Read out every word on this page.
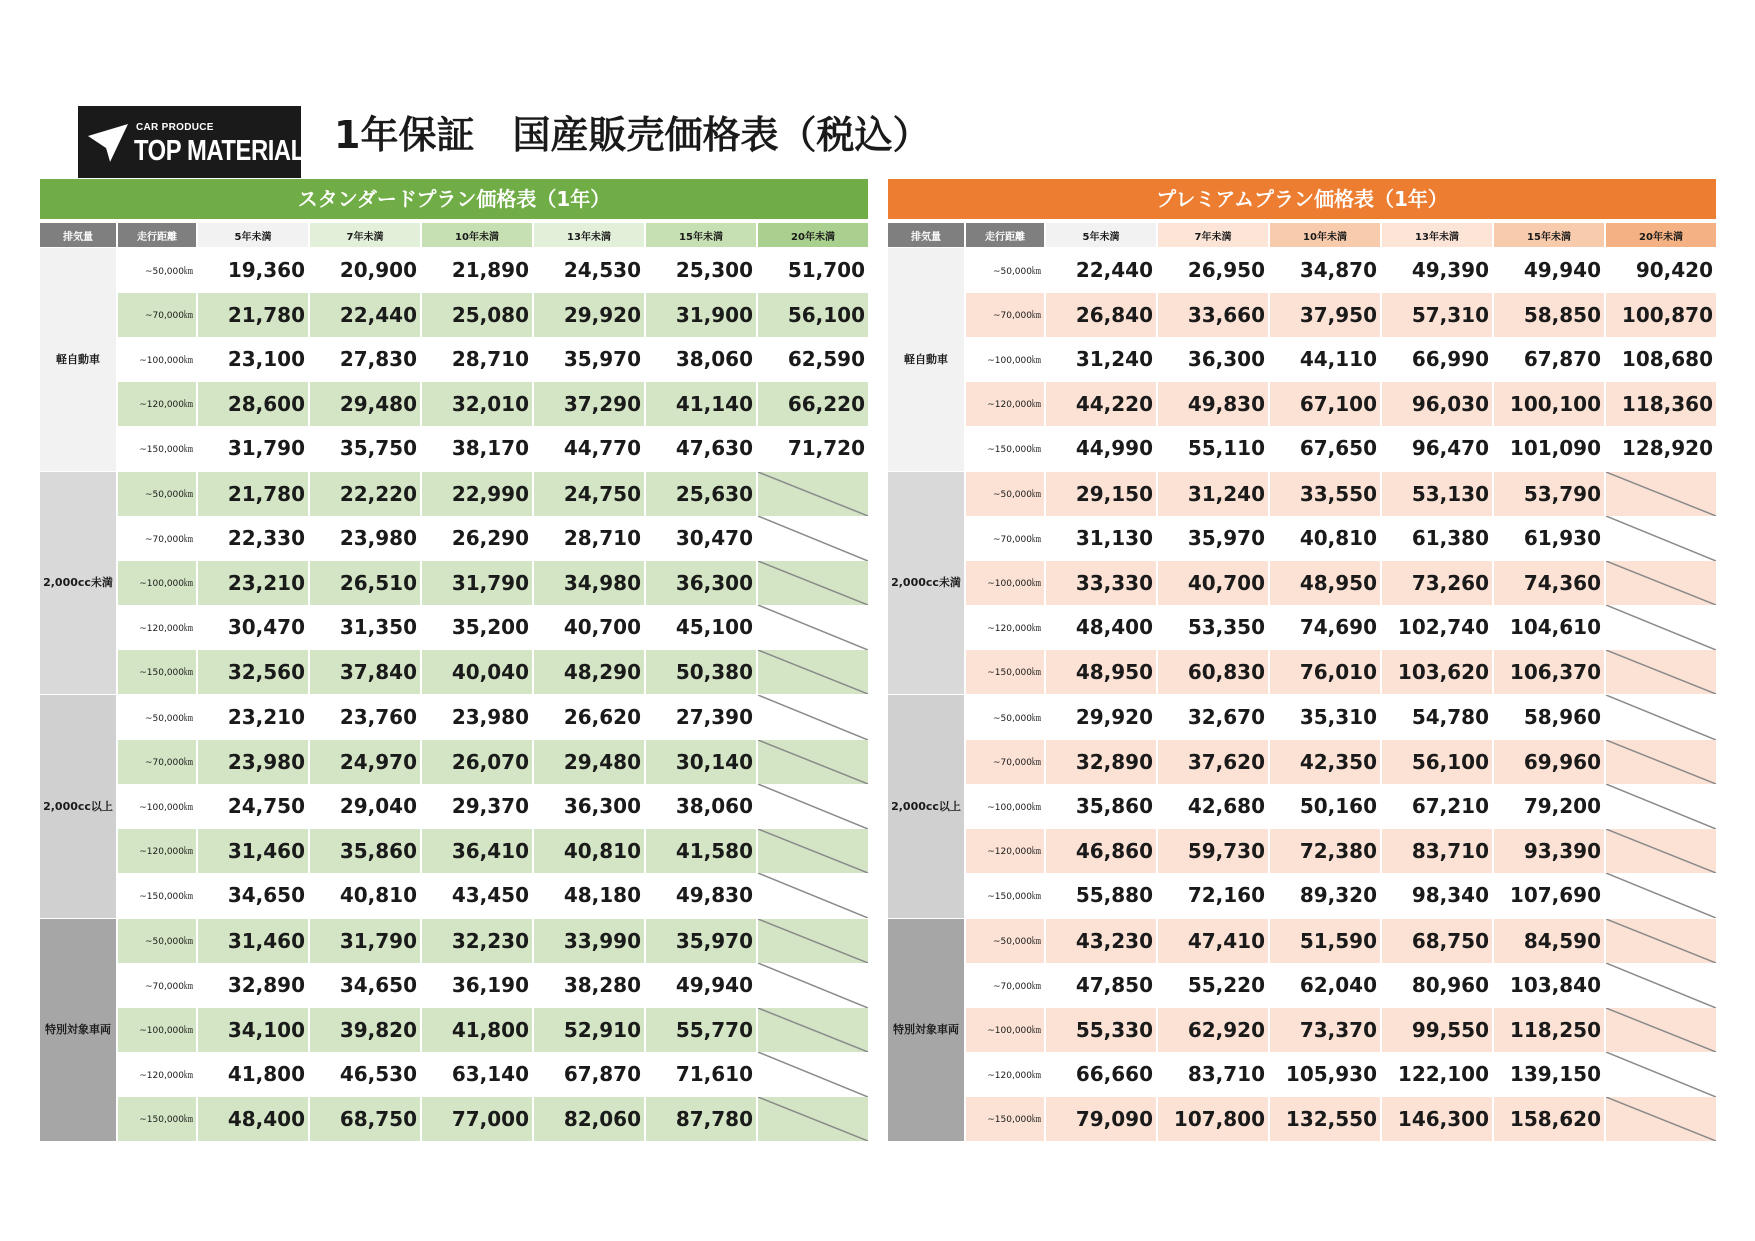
CAR PRODUCE
TOP MATERIAL 1年保証　国産販売価格表（税込）
スタンダードプラン価格表（1年）
排気量	走行距離	5年未満	7年未満	10年未満	13年未満	15年未満	20年未満
軽自動車
~50,000㎞	19,360	20,900	21,890	24,530	25,300	51,700
~70,000㎞	21,780	22,440	25,080	29,920	31,900	56,100
~100,000㎞	23,100	27,830	28,710	35,970	38,060	62,590
~120,000㎞	28,600	29,480	32,010	37,290	41,140	66,220
~150,000㎞	31,790	35,750	38,170	44,770	47,630	71,720
2,000cc 未満
~50,000㎞	21,780	22,220	22,990	24,750	25,630
~70,000㎞	22,330	23,980	26,290	28,710	30,470
~100,000㎞	23,210	26,510	31,790	34,980	36,300
~120,000㎞	30,470	31,350	35,200	40,700	45,100
~150,000㎞	32,560	37,840	40,040	48,290	50,380
2,000cc 以上
~50,000㎞	23,210	23,760	23,980	26,620	27,390
~70,000㎞	23,980	24,970	26,070	29,480	30,140
~100,000㎞	24,750	29,040	29,370	36,300	38,060
~120,000㎞	31,460	35,860	36,410	40,810	41,580
~150,000㎞	34,650	40,810	43,450	48,180	49,830
特別対象 車両
~50,000㎞	31,460	31,790	32,230	33,990	35,970
~70,000㎞	32,890	34,650	36,190	38,280	49,940
~100,000㎞	34,100	39,820	41,800	52,910	55,770
~120,000㎞	41,800	46,530	63,140	67,870	71,610
~150,000㎞	48,400	68,750	77,000	82,060	87,780
プレミアムプラン価格表（1年）
排気量	走行距離	5年未満	7年未満	10年未満	13年未満	15年未満	20年未満
軽自動車
~50,000㎞	22,440	26,950	34,870	49,390	49,940	90,420
~70,000㎞	26,840	33,660	37,950	57,310	58,850	100,870
~100,000㎞	31,240	36,300	44,110	66,990	67,870	108,680
~120,000㎞	44,220	49,830	67,100	96,030	100,100	118,360
~150,000㎞	44,990	55,110	67,650	96,470	101,090	128,920
2,000cc 未満
~50,000㎞	29,150	31,240	33,550	53,130	53,790
~70,000㎞	31,130	35,970	40,810	61,380	61,930
~100,000㎞	33,330	40,700	48,950	73,260	74,360
~120,000㎞	48,400	53,350	74,690	102,740	104,610
~150,000㎞	48,950	60,830	76,010	103,620	106,370
2,000cc 以上
~50,000㎞	29,920	32,670	35,310	54,780	58,960
~70,000㎞	32,890	37,620	42,350	56,100	69,960
~100,000㎞	35,860	42,680	50,160	67,210	79,200
~120,000㎞	46,860	59,730	72,380	83,710	93,390
~150,000㎞	55,880	72,160	89,320	98,340	107,690
特別対象 車両
~50,000㎞	43,230	47,410	51,590	68,750	84,590
~70,000㎞	47,850	55,220	62,040	80,960	103,840
~100,000㎞	55,330	62,920	73,370	99,550	118,250
~120,000㎞	66,660	83,710	105,930	122,100	139,150
~150,000㎞	79,090	107,800	132,550	146,300	158,620
